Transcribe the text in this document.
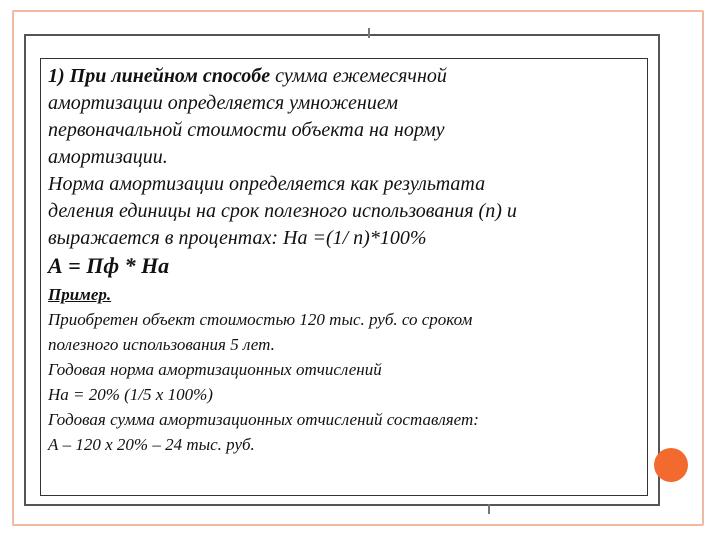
1) При линейном способе сумма ежемесячной
амортизации определяется умножением
первоначальной стоимости объекта на норму
амортизации.
Норма амортизации определяется как результата
деления единицы на срок полезного использования (n) и
выражается в процентах: На =(1/ n)*100%
А = Пф * На
Пример.
Приобретен объект стоимостью 120 тыс. руб. со сроком
полезного использования 5 лет.
Годовая норма амортизационных отчислений
На = 20% (1/5 х 100%)
Годовая сумма амортизационных отчислений составляет:
А – 120 х 20% – 24 тыс. руб.
